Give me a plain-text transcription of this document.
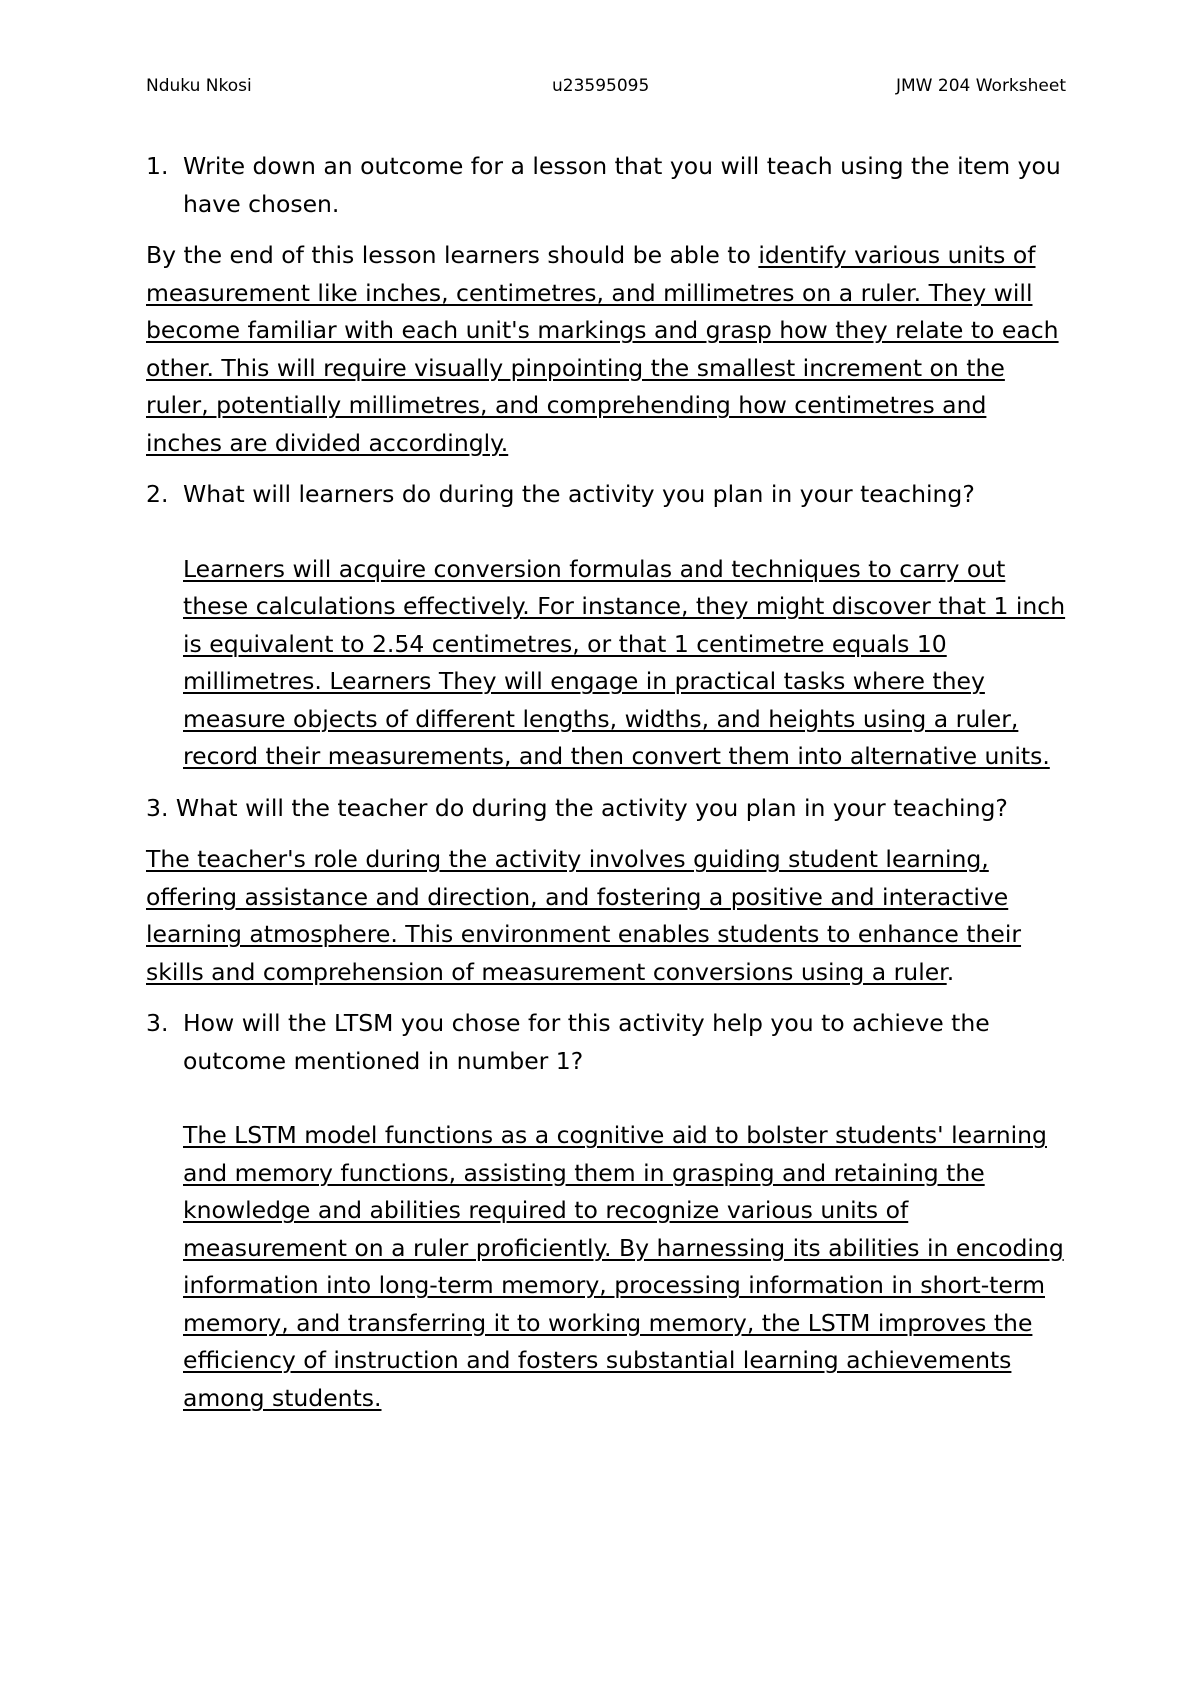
Nduku Nkosi	u23595095	JMW 204 Worksheet

1. Write down an outcome for a lesson that you will teach using the item you have chosen.

By the end of this lesson learners should be able to identify various units of measurement like inches, centimetres, and millimetres on a ruler. They will become familiar with each unit's markings and grasp how they relate to each other. This will require visually pinpointing the smallest increment on the ruler, potentially millimetres, and comprehending how centimetres and inches are divided accordingly.

2. What will learners do during the activity you plan in your teaching?

Learners will acquire conversion formulas and techniques to carry out these calculations effectively. For instance, they might discover that 1 inch is equivalent to 2.54 centimetres, or that 1 centimetre equals 10 millimetres. Learners They will engage in practical tasks where they measure objects of different lengths, widths, and heights using a ruler, record their measurements, and then convert them into alternative units.

3. What will the teacher do during the activity you plan in your teaching?

The teacher's role during the activity involves guiding student learning, offering assistance and direction, and fostering a positive and interactive learning atmosphere. This environment enables students to enhance their skills and comprehension of measurement conversions using a ruler.

3. How will the LTSM you chose for this activity help you to achieve the outcome mentioned in number 1?

The LSTM model functions as a cognitive aid to bolster students' learning and memory functions, assisting them in grasping and retaining the knowledge and abilities required to recognize various units of measurement on a ruler proficiently. By harnessing its abilities in encoding information into long-term memory, processing information in short-term memory, and transferring it to working memory, the LSTM improves the efficiency of instruction and fosters substantial learning achievements among students.
